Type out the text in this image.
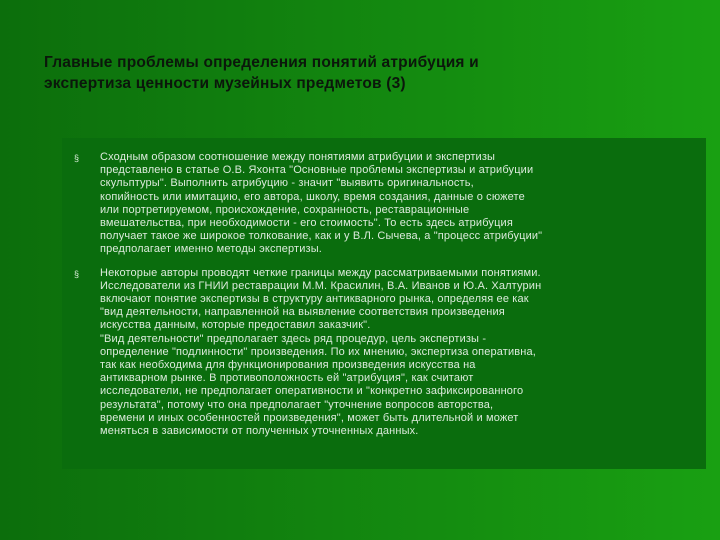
Главные проблемы определения понятий атрибуция и
экспертиза ценности музейных предметов (3)
§ Сходным образом соотношение между понятиями атрибуции и экспертизы
представлено в статье О.В. Яхонта "Основные проблемы экспертизы и атрибуции
скульптуры". Выполнить атрибуцию - значит "выявить оригинальность,
копийность или имитацию, его автора, школу, время создания, данные о сюжете
или портретируемом, происхождение, сохранность, реставрационные
вмешательства, при необходимости - его стоимость". То есть здесь атрибуция
получает такое же широкое толкование, как и у В.Л. Сычева, а "процесс атрибуции"
предполагает именно методы экспертизы.
§ Некоторые авторы проводят четкие границы между рассматриваемыми понятиями.
Исследователи из ГНИИ реставрации М.М. Красилин, В.А. Иванов и Ю.А. Халтурин
включают понятие экспертизы в структуру антикварного рынка, определяя ее как
"вид деятельности, направленной на выявление соответствия произведения
искусства данным, которые предоставил заказчик".
"Вид деятельности" предполагает здесь ряд процедур, цель экспертизы -
определение "подлинности" произведения. По их мнению, экспертиза оперативна,
так как необходима для функционирования произведения искусства на
антикварном рынке. В противоположность ей "атрибуция", как считают
исследователи, не предполагает оперативности и "конкретно зафиксированного
результата", потому что она предполагает "уточнение вопросов авторства,
времени и иных особенностей произведения", может быть длительной и может
меняться в зависимости от полученных уточненных данных.
